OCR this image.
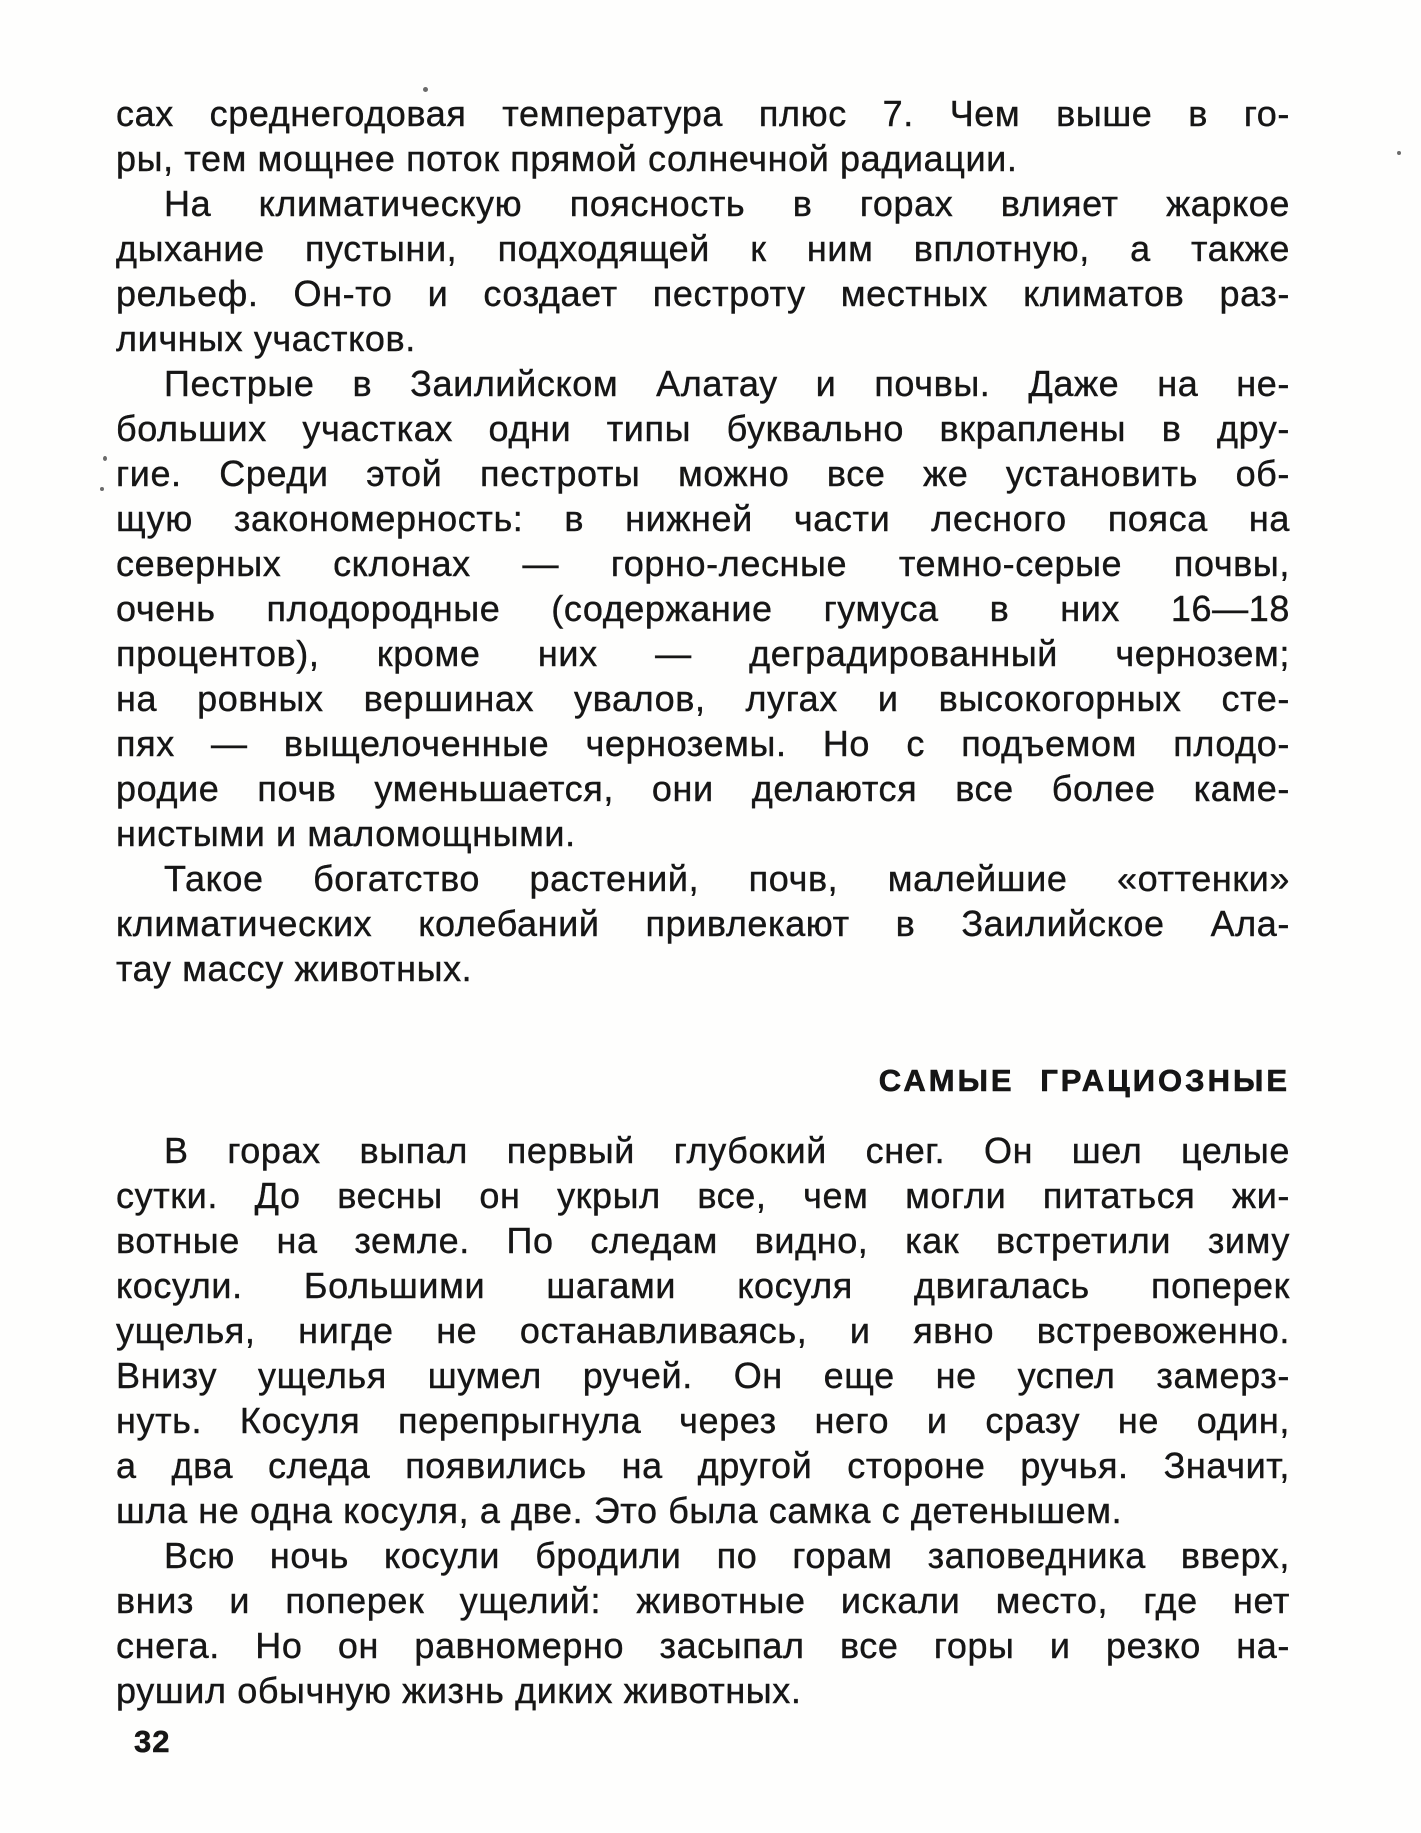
сах среднегодовая температура плюс 7. Чем выше в го-
ры, тем мощнее поток прямой солнечной радиации.
На климатическую поясность в горах влияет жаркое
дыхание пустыни, подходящей к ним вплотную, а также
рельеф. Он-то и создает пестроту местных климатов раз-
личных участков.
Пестрые в Заилийском Алатау и почвы. Даже на не-
больших участках одни типы буквально вкраплены в дру-
гие. Среди этой пестроты можно все же установить об-
щую закономерность: в нижней части лесного пояса на
северных склонах — горно-лесные темно-серые почвы,
очень плодородные (содержание гумуса в них 16—18
процентов), кроме них — деградированный чернозем;
на ровных вершинах увалов, лугах и высокогорных сте-
пях — выщелоченные черноземы. Но с подъемом плодо-
родие почв уменьшается, они делаются все более каме-
нистыми и маломощными.
Такое богатство растений, почв, малейшие «оттенки»
климатических колебаний привлекают в Заилийское Ала-
тау массу животных.
САМЫЕ ГРАЦИОЗНЫЕ
В горах выпал первый глубокий снег. Он шел целые
сутки. До весны он укрыл все, чем могли питаться жи-
вотные на земле. По следам видно, как встретили зиму
косули. Большими шагами косуля двигалась поперек
ущелья, нигде не останавливаясь, и явно встревоженно.
Внизу ущелья шумел ручей. Он еще не успел замерз-
нуть. Косуля перепрыгнула через него и сразу не один,
а два следа появились на другой стороне ручья. Значит,
шла не одна косуля, а две. Это была самка с детенышем.
Всю ночь косули бродили по горам заповедника вверх,
вниз и поперек ущелий: животные искали место, где нет
снега. Но он равномерно засыпал все горы и резко на-
рушил обычную жизнь диких животных.
32
